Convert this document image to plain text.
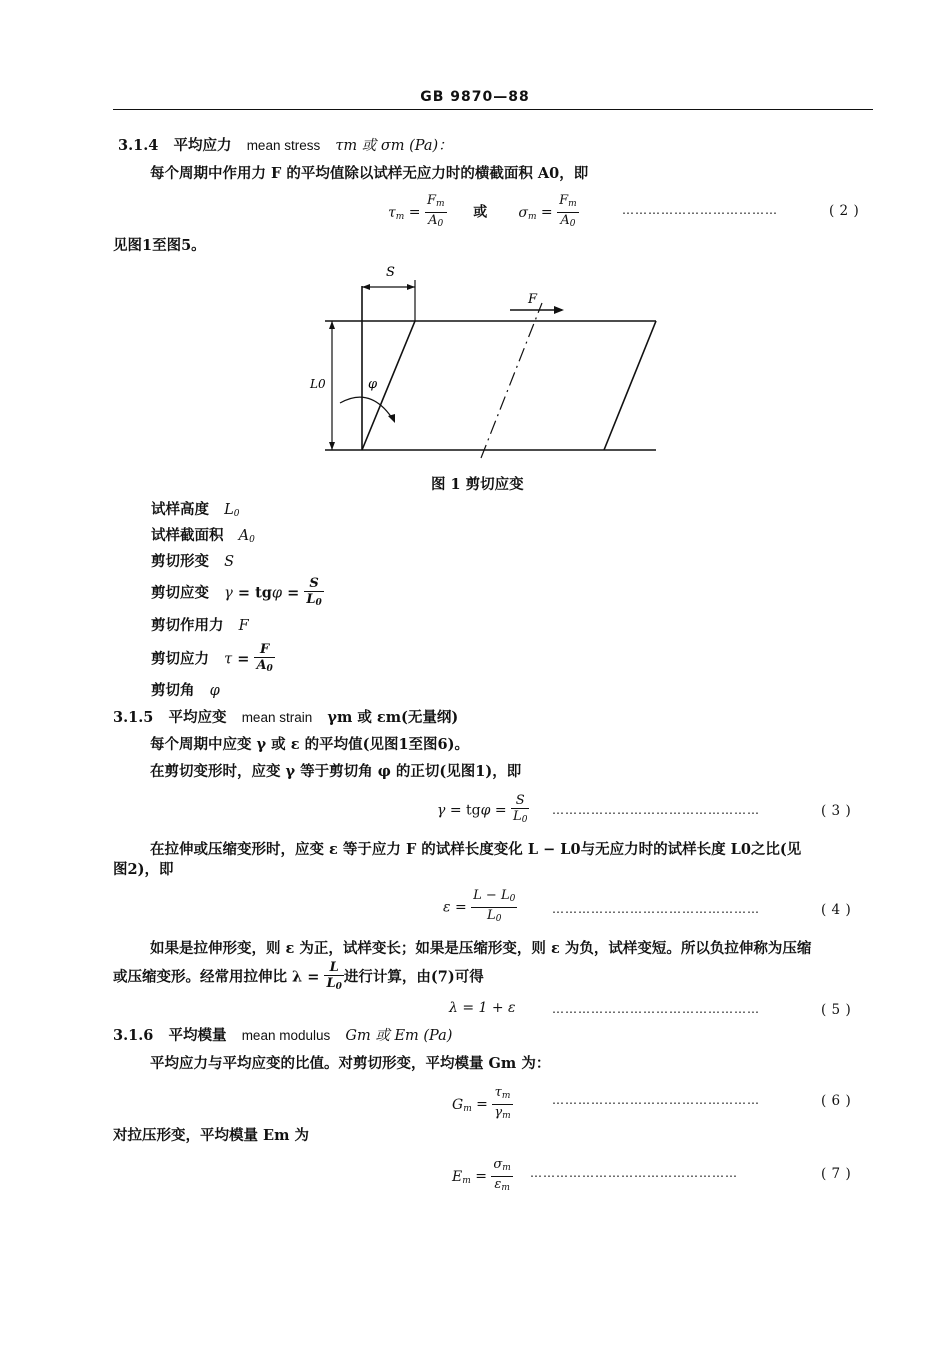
GB 9870—88
3.1.4 平均应力 mean stress τm 或 σm (Pa)：
每个周期中作用力 F 的平均值除以试样无应力时的横截面积 A0，即
$\tau_m = \frac{F_m}{A_0}$ 或 $\sigma_m = \frac{F_m}{A_0}$	………………………………	( 2 )
见图1至图5。
S
F
L0	φ
图 1 剪切应变
试样高度 $L_0$
试样截面积 $A_0$
剪切形变 S
剪切应变 $\gamma = tg\varphi = \frac{S}{L_0}$
剪切作用力 F
剪切应力 $\tau = \frac{F}{A_0}$
剪切角 φ
3.1.5 平均应变 mean strain γm 或 εm(无量纲)
每个周期中应变 γ 或 ε 的平均值(见图1至图6)。
在剪切变形时，应变 γ 等于剪切角 φ 的正切(见图1)，即
$\gamma = tg\varphi = \frac{S}{L_0}$ …………………………………………	( 3 )
在拉伸或压缩变形时，应变 ε 等于应力 F 的试样长度变化 L − L0与无应力时的试样长度 L0之比(见
图2)，即
$\varepsilon = \frac{L - L_0}{L_0}$	…………………………………………	( 4 )
如果是拉伸形变，则 ε 为正，试样变长；如果是压缩形变，则 ε 为负，试样变短。所以负拉伸称为压缩
或压缩变形。经常用拉伸比 $\lambda = \frac{L}{L_0}$ 进行计算，由(7)可得
λ = 1 + ε	…………………………………………	( 5 )
3.1.6 平均模量 mean modulus Gm 或 Em (Pa)
平均应力与平均应变的比值。对剪切形变，平均模量 Gm 为：
$G_m = \frac{\tau_m}{\gamma_m}$	…………………………………………	( 6 )
对拉压形变，平均模量 Em 为
$E_m = \frac{\sigma_m}{\varepsilon_m}$ …………………………………………	( 7 )
